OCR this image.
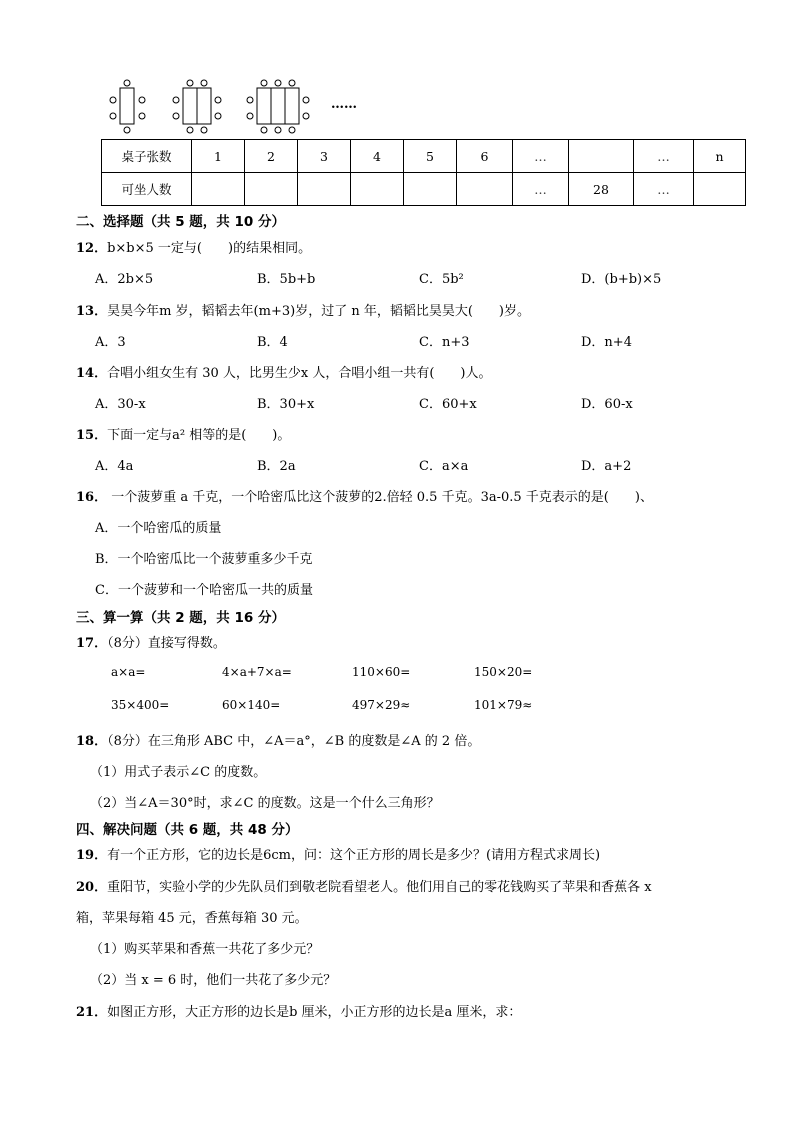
……
桌子张数	1	2	3	4	5	6	…		…	n
可坐人数							…	28	…	
二、选择题（共 5 题，共 10 分）
12．b×b×5 一定与(　　)的结果相同。
A．2b×5	B．5b+b	C．5b²	D．(b+b)×5
13．昊昊今年m 岁，韬韬去年(m+3)岁，过了 n 年，韬韬比昊昊大(　　)岁。
A．3	B．4	C．n+3	D．n+4
14．合唱小组女生有 30 人，比男生少x 人，合唱小组一共有(　　)人。
A．30-x	B．30+x	C．60+x	D．60-x
15．下面一定与a² 相等的是(　　)。
A．4a	B．2a	C．a×a	D．a+2
16． 一个菠萝重 a 千克，一个哈密瓜比这个菠萝的2.倍轻 0.5 千克。3a-0.5 千克表示的是(　　)、
A．一个哈密瓜的质量
B．一个哈密瓜比一个菠萝重多少千克
C．一个菠萝和一个哈密瓜一共的质量
三、算一算（共 2 题，共 16 分）
17．（8分）直接写得数。
a×a=	4×a+7×a=	110×60=	150×20=
35×400=	60×140=	497×29≈	101×79≈
18．（8分）在三角形 ABC 中，∠A＝a°，∠B 的度数是∠A 的 2 倍。
（1）用式子表示∠C 的度数。
（2）当∠A＝30°时，求∠C 的度数。这是一个什么三角形？
四、解决问题（共 6 题，共 48 分）
19．有一个正方形，它的边长是6cm，问：这个正方形的周长是多少？(请用方程式求周长)
20．重阳节，实验小学的少先队员们到敬老院看望老人。他们用自己的零花钱购买了苹果和香蕉各 x
箱，苹果每箱 45 元，香蕉每箱 30 元。
（1）购买苹果和香蕉一共花了多少元？
（2）当 x = 6 时，他们一共花了多少元？
21．如图正方形，大正方形的边长是b 厘米，小正方形的边长是a 厘米，求：
